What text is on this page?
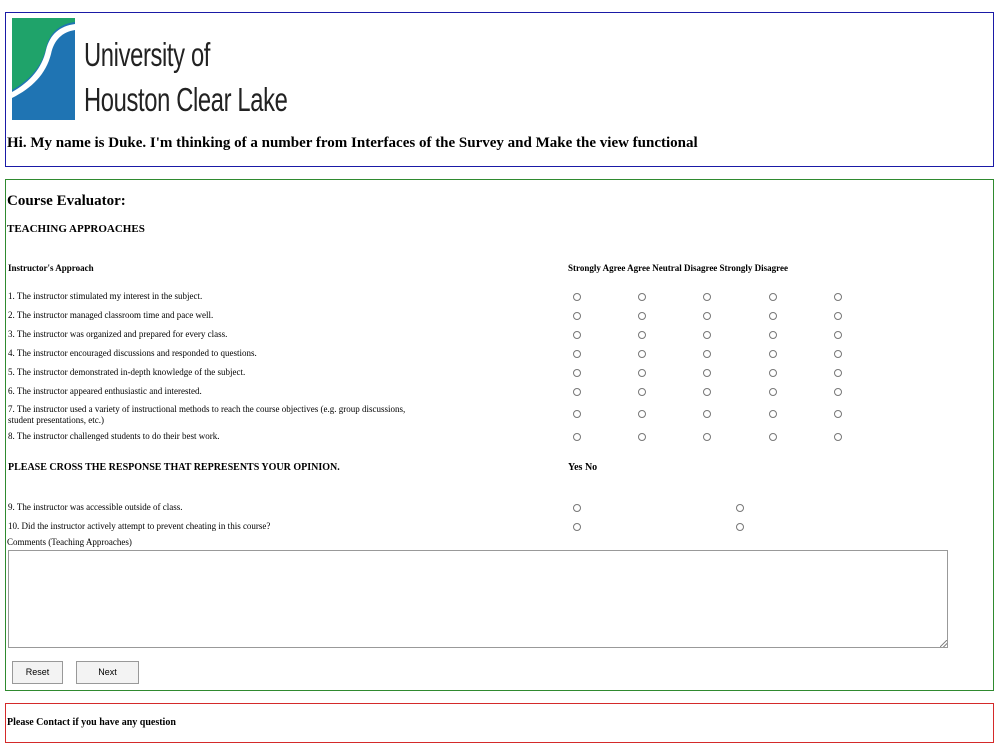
University of
Houston Clear Lake
Hi. My name is Duke. I'm thinking of a number from Interfaces of the Survey and Make the view functional
Course Evaluator:
TEACHING APPROACHES
Instructor's Approach	Strongly Agree Agree Neutral Disagree Strongly Disagree
1. The instructor stimulated my interest in the subject.
2. The instructor managed classroom time and pace well.
3. The instructor was organized and prepared for every class.
4. The instructor encouraged discussions and responded to questions.
5. The instructor demonstrated in-depth knowledge of the subject.
6. The instructor appeared enthusiastic and interested.
7. The instructor used a variety of instructional methods to reach the course objectives (e.g. group discussions, student presentations, etc.)
8. The instructor challenged students to do their best work.
PLEASE CROSS THE RESPONSE THAT REPRESENTS YOUR OPINION.	Yes No
9. The instructor was accessible outside of class.
10. Did the instructor actively attempt to prevent cheating in this course?
Comments (Teaching Approaches)
Reset	Next
Please Contact if you have any question
